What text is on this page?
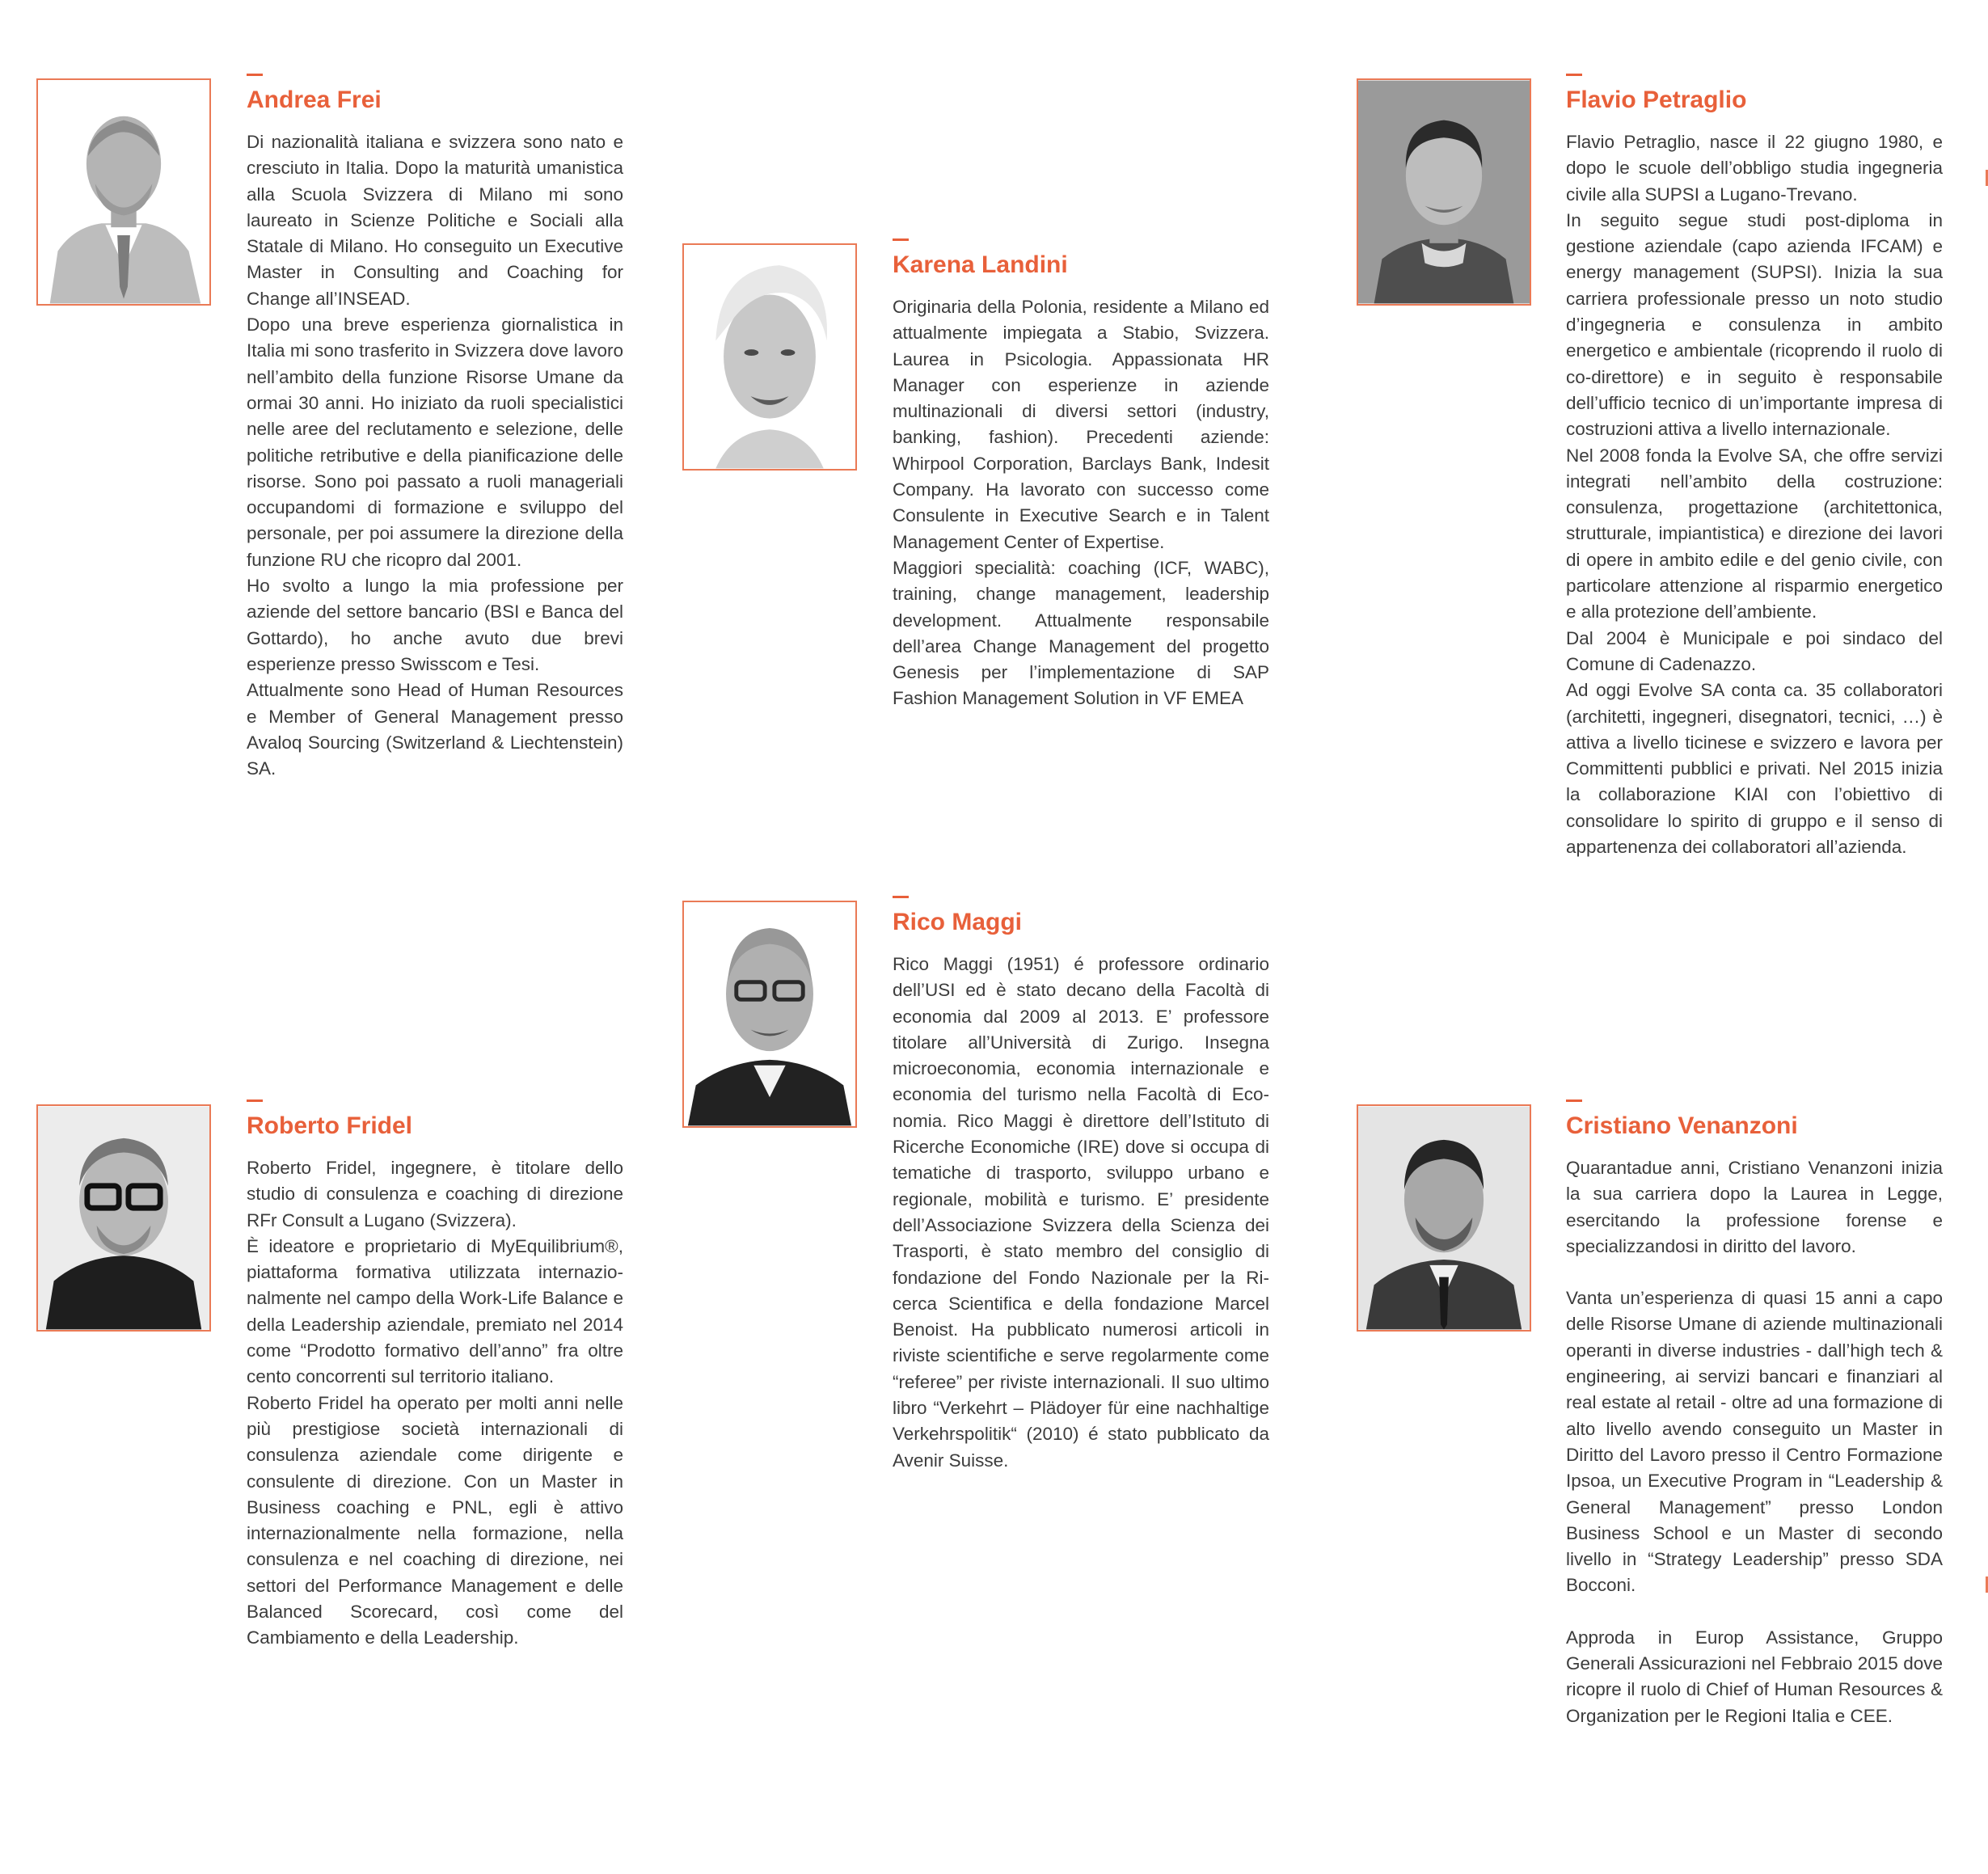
Andrea Frei

Di nazionalità italiana e svizzera sono nato e cresciuto in Italia. Dopo la maturità umanistica alla Scuola Svizzera di Milano mi sono laureato in Scienze Politiche e Sociali alla Statale di Milano. Ho conseguito un Executive Master in Consulting and Coaching for Change all’INSEAD.

Dopo una breve esperienza giornalistica in Italia mi sono trasferito in Svizzera dove lavoro nell’ambito della funzione Risorse Umane da ormai 30 anni. Ho iniziato da ruoli specialistici nelle aree del reclutamento e selezione, delle politiche retributive e della pianificazione delle risorse. Sono poi passato a ruoli manageriali occupandomi di formazione e sviluppo del personale, per poi assumere la direzione della funzione RU che ricopro dal 2001.

Ho svolto a lungo la mia professione per aziende del settore bancario (BSI e Banca del Gottardo), ho anche avuto due brevi esperienze presso Swisscom e Tesi.

Attualmente sono Head of Human Resources e Member of General Management presso Avaloq Sourcing (Switzerland & Liechtenstein) SA.

Karena Landini

Originaria della Polonia, residente a Milano ed attualmente impiegata a Stabio, Svizzera. Laurea in Psicologia. Appassionata HR Manager con esperienze in aziende multinazionali di diversi settori (industry, banking, fashion). Precedenti aziende: Whirpool Corporation, Barclays Bank, Indesit Company. Ha lavorato con successo come Consulente in Executive Search e in Talent Management Center of Expertise.

Maggiori specialità: coaching (ICF, WABC), training, change management, leadership development. Attualmente responsabile dell’area Change Management del progetto Genesis per l’implementazione di SAP Fashion Management Solution in VF EMEA

Flavio Petraglio

Flavio Petraglio, nasce il 22 giugno 1980, e dopo le scuole dell’obbligo studia ingegneria civile alla SUPSI a Lugano-Trevano.

In seguito segue studi post-diploma in gestione aziendale (capo azienda IFCAM) e energy management (SUPSI). Inizia la sua carriera professionale presso un noto studio d’ingegneria e consulenza in ambito energetico e ambientale (ricoprendo il ruolo di co-direttore) e in seguito è responsabile dell’ufficio tecnico di un’importante impresa di costruzioni attiva a livello internazionale.

Nel 2008 fonda la Evolve SA, che offre servizi integrati nell’ambito della costruzione: consulenza, progettazione (architettonica, strutturale, impiantistica) e direzione dei lavori di opere in ambito edile e del genio civile, con particolare attenzione al risparmio energetico e alla protezione dell’ambiente.

Dal 2004 è Municipale e poi sindaco del Comune di Cadenazzo.

Ad oggi Evolve SA conta ca. 35 collaboratori (architetti, ingegneri, disegnatori, tecnici, …) è attiva a livello ticinese e svizzero e lavora per Committenti pubblici e privati. Nel 2015 inizia la collaborazione KIAI con l’obiettivo di consolidare lo spirito di gruppo e il senso di appartenenza dei collaboratori all’azienda.

Roberto Fridel

Roberto Fridel, ingegnere, è titolare dello studio di consulenza e coaching di direzione RFr Consult a Lugano (Svizzera).

È ideatore e proprietario di MyEquilibrium®, piattaforma formativa utilizzata internazionalmente nel campo della Work-Life Balance e della Leadership aziendale, premiato nel 2014 come “Prodotto formativo dell’anno” fra oltre cento concorrenti sul territorio italiano.

Roberto Fridel ha operato per molti anni nelle più prestigiose società internazionali di consulenza aziendale come dirigente e consulente di direzione. Con un Master in Business coaching e PNL, egli è attivo internazionalmente nella formazione, nella consulenza e nel coaching di direzione, nei settori del Performance Management e delle Balanced Scorecard, così come del Cambiamento e della Leadership.

Rico Maggi

Rico Maggi (1951) é professore ordinario dell’USI ed è stato decano della Facoltà di economia dal 2009 al 2013. E’ professore titolare all’Università di Zurigo. Insegna microeconomia, economia internazionale e economia del turismo nella Facoltà di Economia. Rico Maggi è direttore dell’Istituto di Ricerche Economiche (IRE) dove si occupa di tematiche di trasporto, sviluppo urbano e regionale, mobilità e turismo. E’ presidente dell’Associazione Svizzera della Scienza dei Trasporti, è stato membro del consiglio di fondazione del Fondo Nazionale per la Ricerca Scientifica e della fondazione Marcel Benoist. Ha pubblicato numerosi articoli in riviste scientifiche e serve regolarmente come “referee” per riviste internazionali. Il suo ultimo libro “Verkehrt – Plädoyer für eine nachhaltige Verkehrspolitik“ (2010) é stato pubblicato da Avenir Suisse.

Cristiano Venanzoni

Quarantadue anni, Cristiano Venanzoni inizia la sua carriera dopo la Laurea in Legge, esercitando la professione forense e specializzandosi in diritto del lavoro.

Vanta un’esperienza di quasi 15 anni a capo delle Risorse Umane di aziende multinazionali operanti in diverse industries - dall’high tech & engineering, ai servizi bancari e finanziari al real estate al retail - oltre ad una formazione di alto livello avendo conseguito un Master in Diritto del Lavoro presso il Centro Formazione Ipsoa, un Executive Program in “Leadership & General Management” presso London Business School e un Master di secondo livello in “Strategy Leadership” presso SDA Bocconi.

Approda in Europ Assistance, Gruppo Generali Assicurazioni nel Febbraio 2015 dove ricopre il ruolo di Chief of Human Resources & Organization per le Regioni Italia e CEE.
